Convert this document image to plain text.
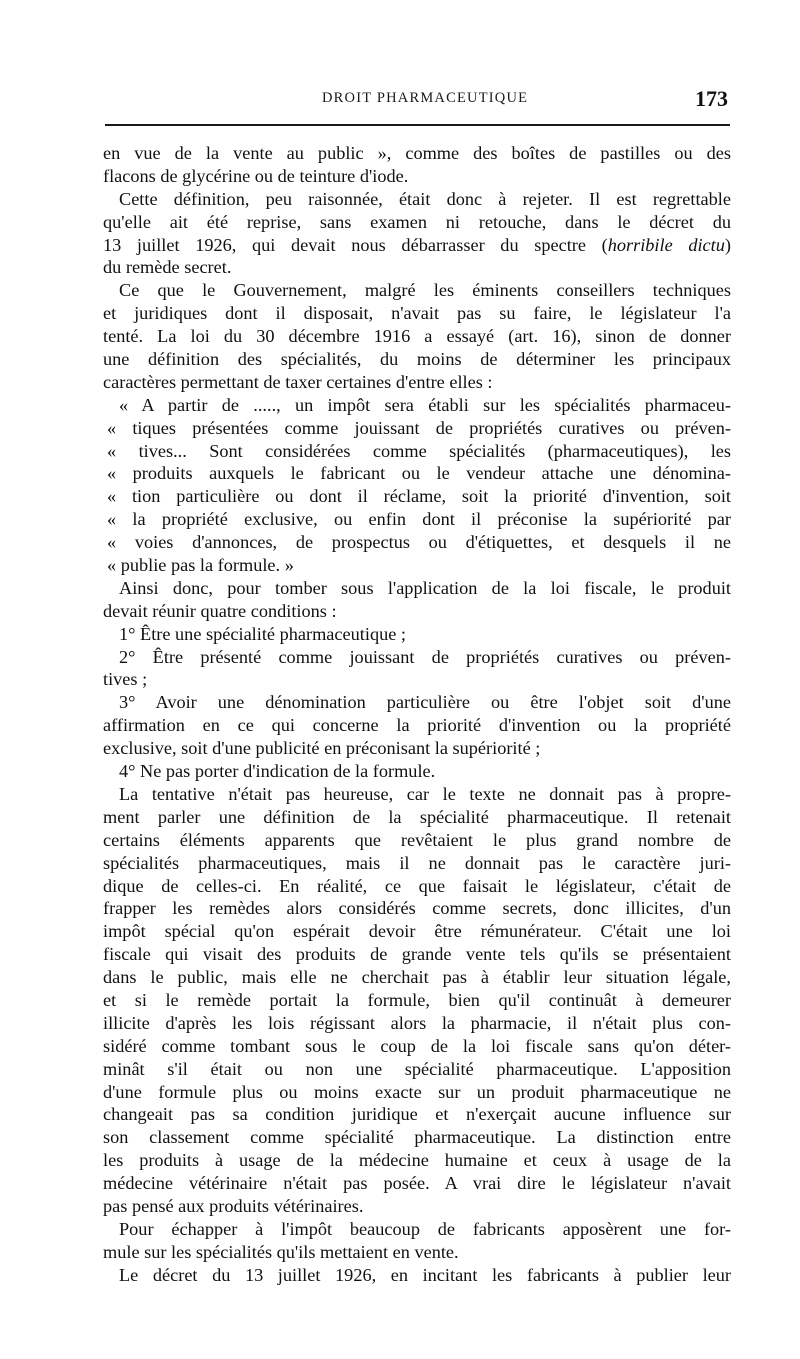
DROIT PHARMACEUTIQUE	173
en vue de la vente au public », comme des boîtes de pastilles ou des
flacons de glycérine ou de teinture d'iode.
Cette définition, peu raisonnée, était donc à rejeter. Il est regrettable
qu'elle ait été reprise, sans examen ni retouche, dans le décret du
13 juillet 1926, qui devait nous débarrasser du spectre (horribile dictu)
du remède secret.
Ce que le Gouvernement, malgré les éminents conseillers techniques
et juridiques dont il disposait, n'avait pas su faire, le législateur l'a
tenté. La loi du 30 décembre 1916 a essayé (art. 16), sinon de donner
une définition des spécialités, du moins de déterminer les principaux
caractères permettant de taxer certaines d'entre elles :
« A partir de ....., un impôt sera établi sur les spécialités pharmaceu-
« tiques présentées comme jouissant de propriétés curatives ou préven-
« tives... Sont considérées comme spécialités (pharmaceutiques), les
« produits auxquels le fabricant ou le vendeur attache une dénomina-
« tion particulière ou dont il réclame, soit la priorité d'invention, soit
« la propriété exclusive, ou enfin dont il préconise la supériorité par
« voies d'annonces, de prospectus ou d'étiquettes, et desquels il ne
« publie pas la formule. »
Ainsi donc, pour tomber sous l'application de la loi fiscale, le produit
devait réunir quatre conditions :
1° Être une spécialité pharmaceutique ;
2° Être présenté comme jouissant de propriétés curatives ou préven-
tives ;
3° Avoir une dénomination particulière ou être l'objet soit d'une
affirmation en ce qui concerne la priorité d'invention ou la propriété
exclusive, soit d'une publicité en préconisant la supériorité ;
4° Ne pas porter d'indication de la formule.
La tentative n'était pas heureuse, car le texte ne donnait pas à propre-
ment parler une définition de la spécialité pharmaceutique. Il retenait
certains éléments apparents que revêtaient le plus grand nombre de
spécialités pharmaceutiques, mais il ne donnait pas le caractère juri-
dique de celles-ci. En réalité, ce que faisait le législateur, c'était de
frapper les remèdes alors considérés comme secrets, donc illicites, d'un
impôt spécial qu'on espérait devoir être rémunérateur. C'était une loi
fiscale qui visait des produits de grande vente tels qu'ils se présentaient
dans le public, mais elle ne cherchait pas à établir leur situation légale,
et si le remède portait la formule, bien qu'il continuât à demeurer
illicite d'après les lois régissant alors la pharmacie, il n'était plus con-
sidéré comme tombant sous le coup de la loi fiscale sans qu'on déter-
minât s'il était ou non une spécialité pharmaceutique. L'apposition
d'une formule plus ou moins exacte sur un produit pharmaceutique ne
changeait pas sa condition juridique et n'exerçait aucune influence sur
son classement comme spécialité pharmaceutique. La distinction entre
les produits à usage de la médecine humaine et ceux à usage de la
médecine vétérinaire n'était pas posée. A vrai dire le législateur n'avait
pas pensé aux produits vétérinaires.
Pour échapper à l'impôt beaucoup de fabricants apposèrent une for-
mule sur les spécialités qu'ils mettaient en vente.
Le décret du 13 juillet 1926, en incitant les fabricants à publier leur
